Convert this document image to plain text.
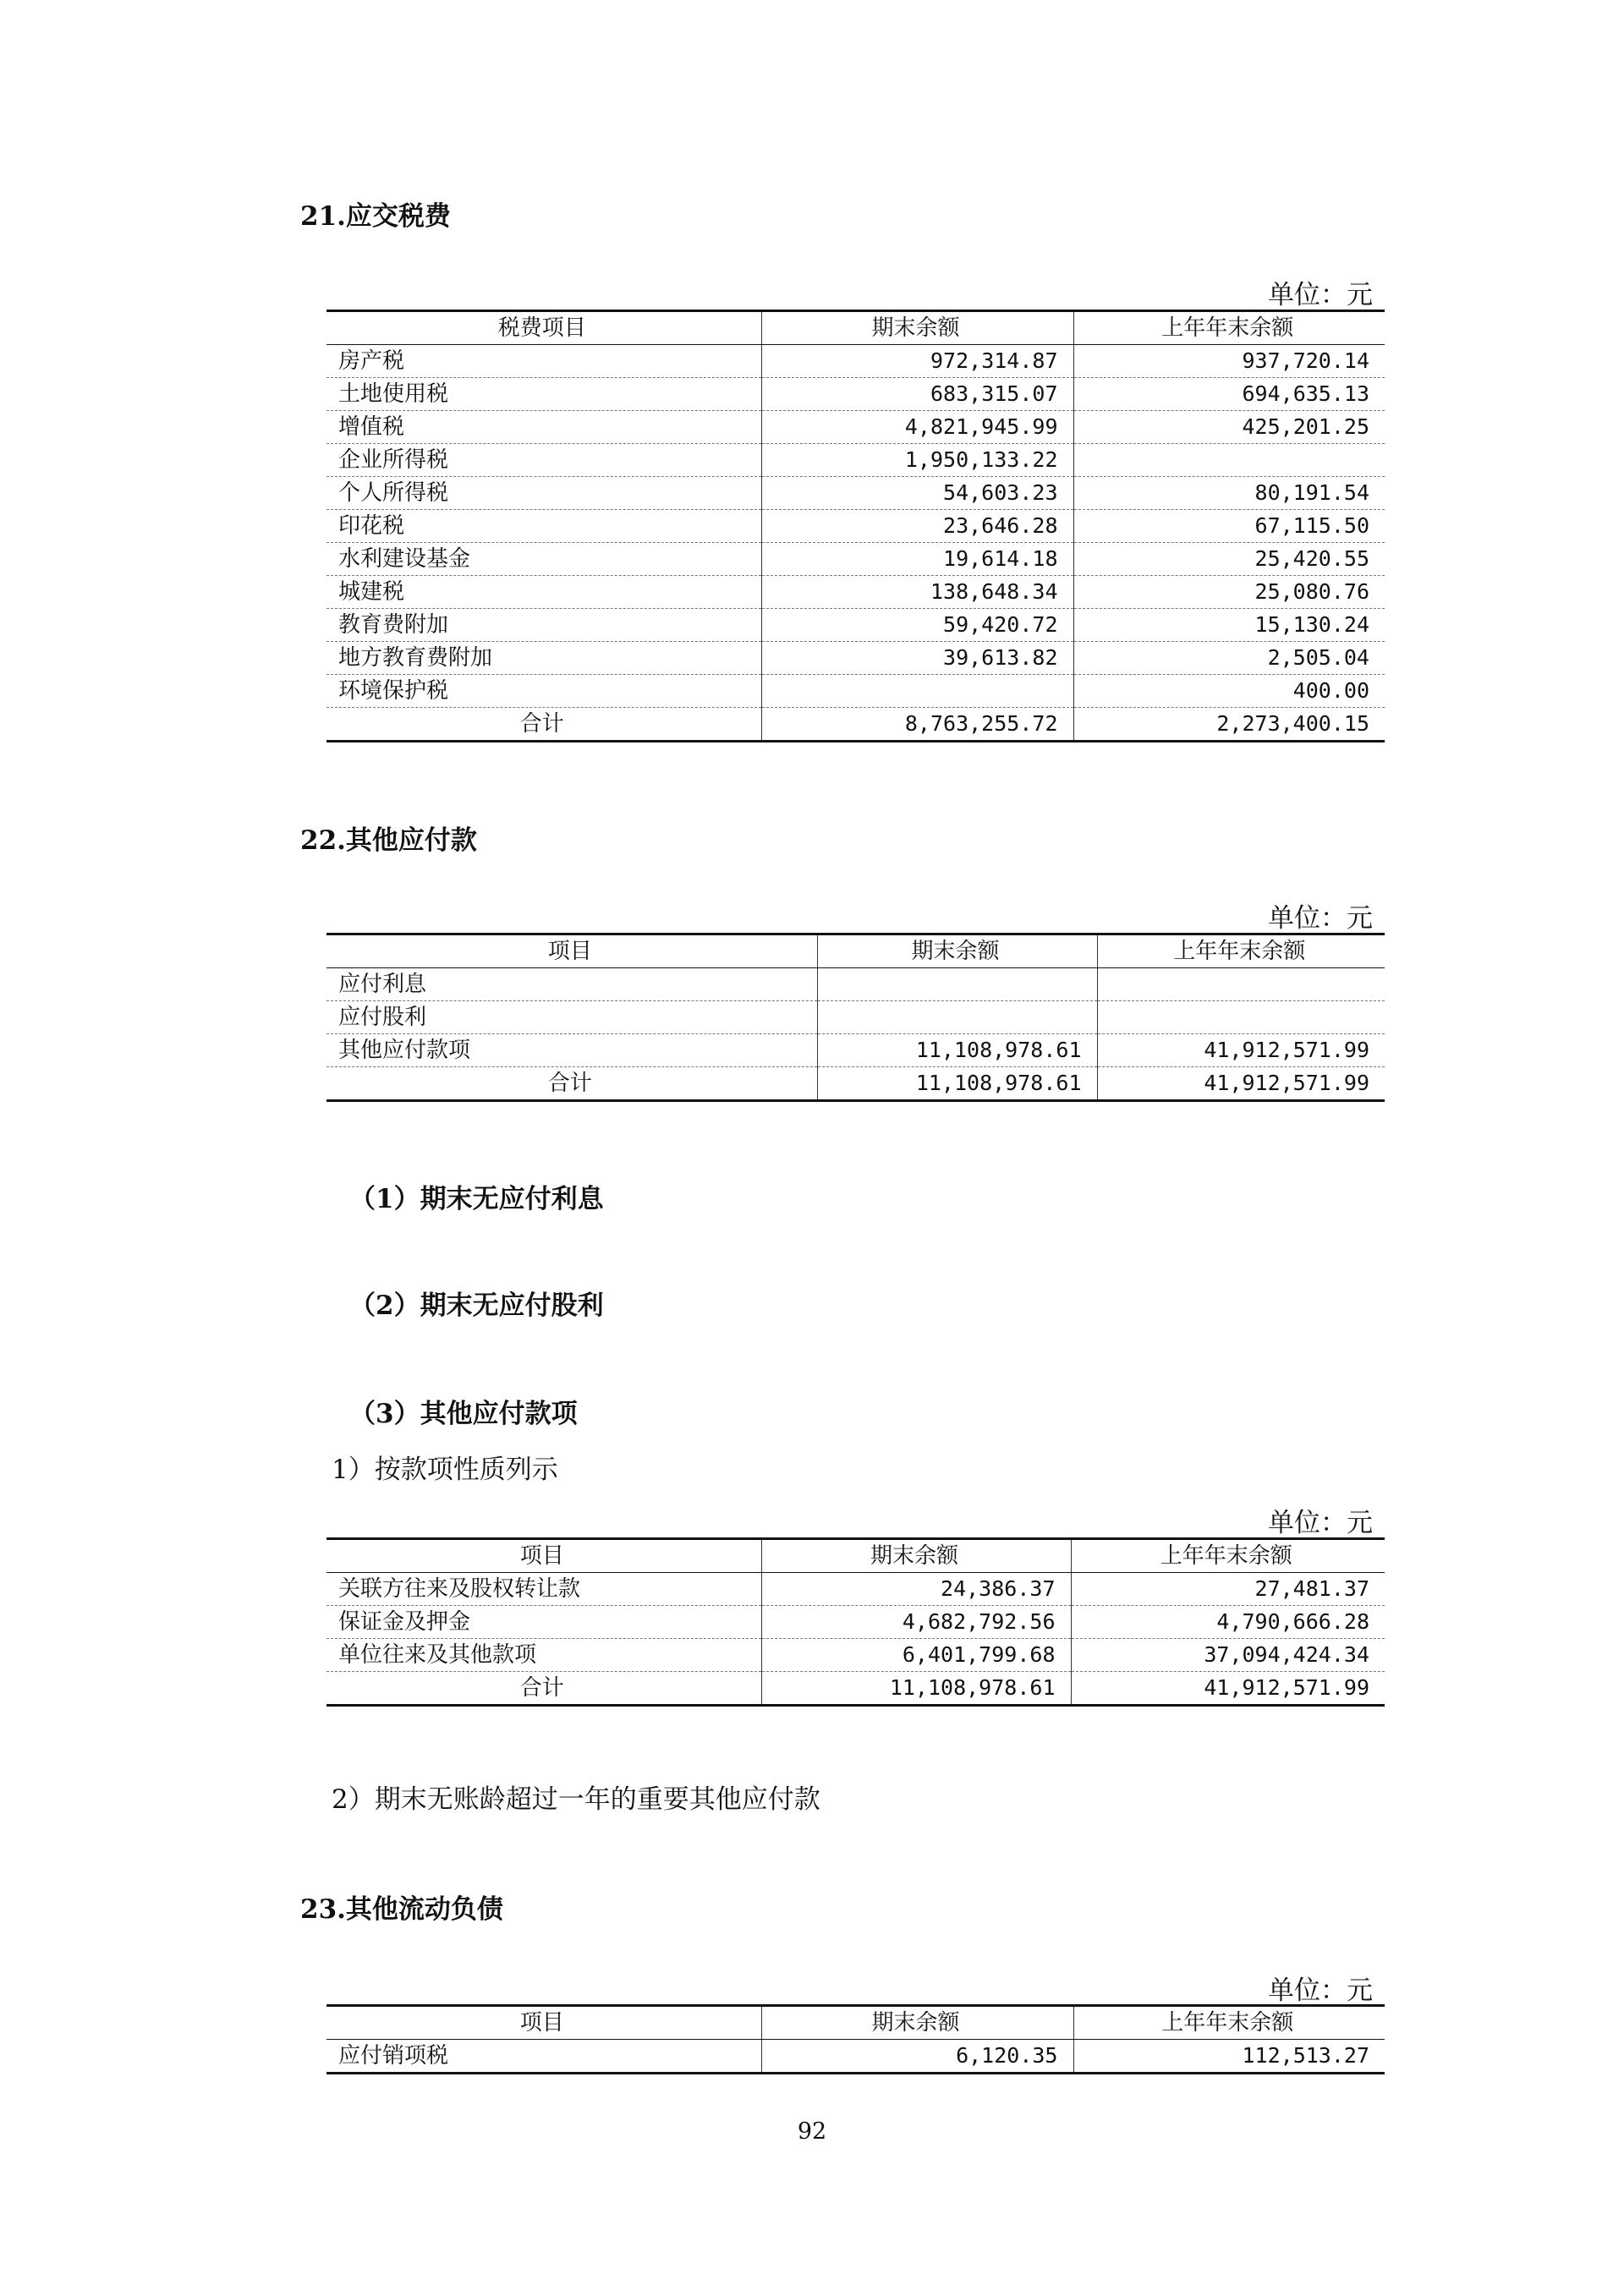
21.应交税费
单位：元
税费项目	期末余额	上年年末余额
房产税	972,314.87	937,720.14
土地使用税	683,315.07	694,635.13
增值税	4,821,945.99	425,201.25
企业所得税	1,950,133.22	
个人所得税	54,603.23	80,191.54
印花税	23,646.28	67,115.50
水利建设基金	19,614.18	25,420.55
城建税	138,648.34	25,080.76
教育费附加	59,420.72	15,130.24
地方教育费附加	39,613.82	2,505.04
环境保护税		400.00
合计	8,763,255.72	2,273,400.15
22.其他应付款
单位：元
项目	期末余额	上年年末余额
应付利息		
应付股利		
其他应付款项	11,108,978.61	41,912,571.99
合计	11,108,978.61	41,912,571.99
（1）期末无应付利息
（2）期末无应付股利
（3）其他应付款项

1）按款项性质列示

单位：元
项目	期末余额	上年年末余额
关联方往来及股权转让款	24,386.37	27,481.37
保证金及押金	4,682,792.56	4,790,666.28
单位往来及其他款项	6,401,799.68	37,094,424.34
合计	11,108,978.61	41,912,571.99

2）期末无账龄超过一年的重要其他应付款

23.其他流动负债
单位：元
项目	期末余额	上年年末余额
应付销项税	6,120.35	112,513.27
92
